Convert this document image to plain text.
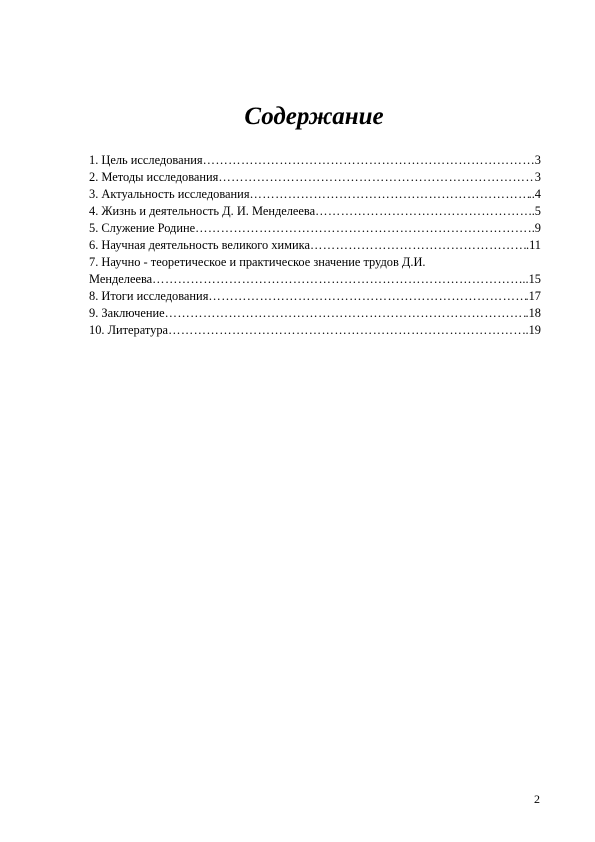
Содержание
1. Цель исследования ……………………………………………………………………………………………………………………………………………………	3
2. Методы исследования ……………………………………………………………………………………………………………………………………………………	3
3. Актуальность исследования ……………………………………………………………………………………………………………………………………………………	..4
4. Жизнь и деятельность Д. И. Менделеева ……………………………………………………………………………………………………………………………………………………	.5
5. Служение Родине ……………………………………………………………………………………………………………………………………………………	.9
6. Научная деятельность великого химика ……………………………………………………………………………………………………………………………………………………	.11
7. Научно - теоретическое и практическое значение трудов Д.И.
Менделеева ……………………………………………………………………………………………………………………………………………………	..15
8. Итоги исследования ……………………………………………………………………………………………………………………………………………………	.17
9. Заключение ……………………………………………………………………………………………………………………………………………………	.18
10. Литература ……………………………………………………………………………………………………………………………………………………	..19
2
